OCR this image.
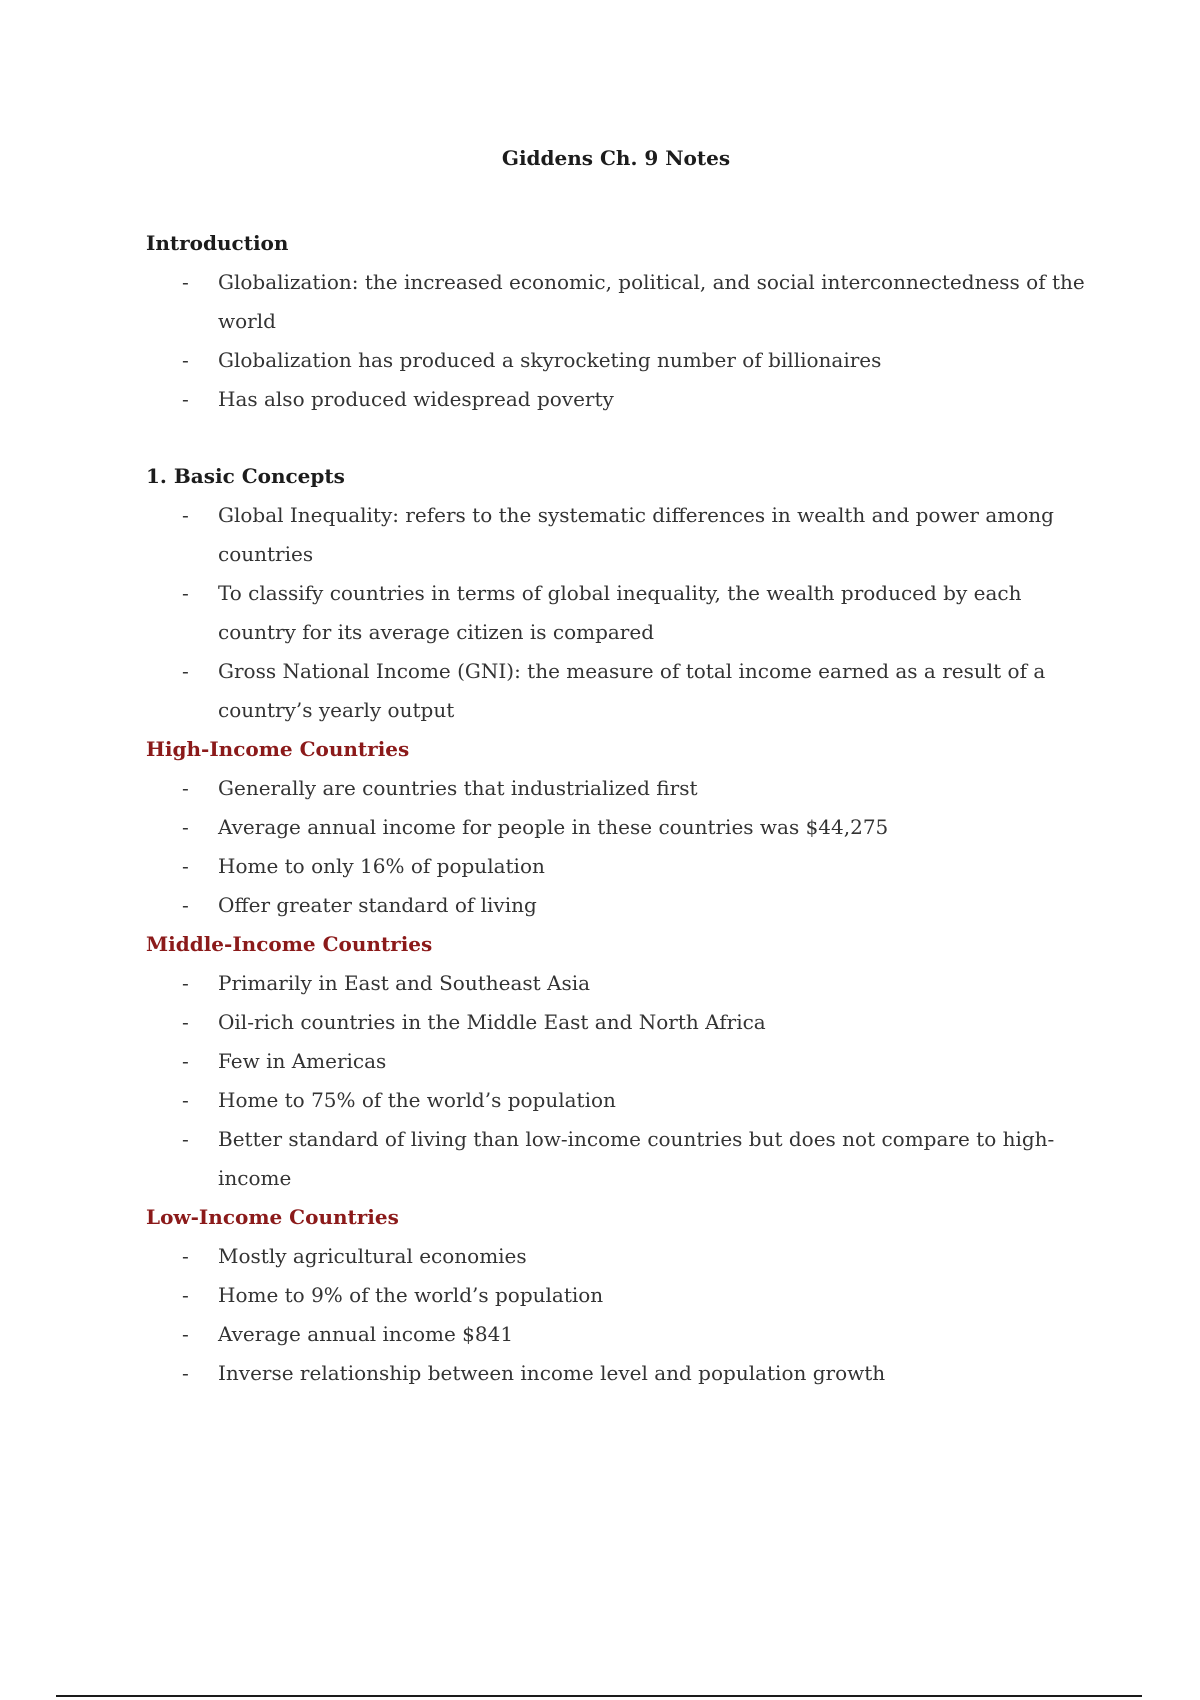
Giddens Ch. 9 Notes
Introduction
- Globalization: the increased economic, political, and social interconnectedness of the world
- Globalization has produced a skyrocketing number of billionaires
- Has also produced widespread poverty
1. Basic Concepts
- Global Inequality: refers to the systematic differences in wealth and power among countries
- To classify countries in terms of global inequality, the wealth produced by each country for its average citizen is compared
- Gross National Income (GNI): the measure of total income earned as a result of a country’s yearly output
High-Income Countries
- Generally are countries that industrialized first
- Average annual income for people in these countries was $44,275
- Home to only 16% of population
- Offer greater standard of living
Middle-Income Countries
- Primarily in East and Southeast Asia
- Oil-rich countries in the Middle East and North Africa
- Few in Americas
- Home to 75% of the world’s population
- Better standard of living than low-income countries but does not compare to high-income
Low-Income Countries
- Mostly agricultural economies
- Home to 9% of the world’s population
- Average annual income $841
- Inverse relationship between income level and population growth
